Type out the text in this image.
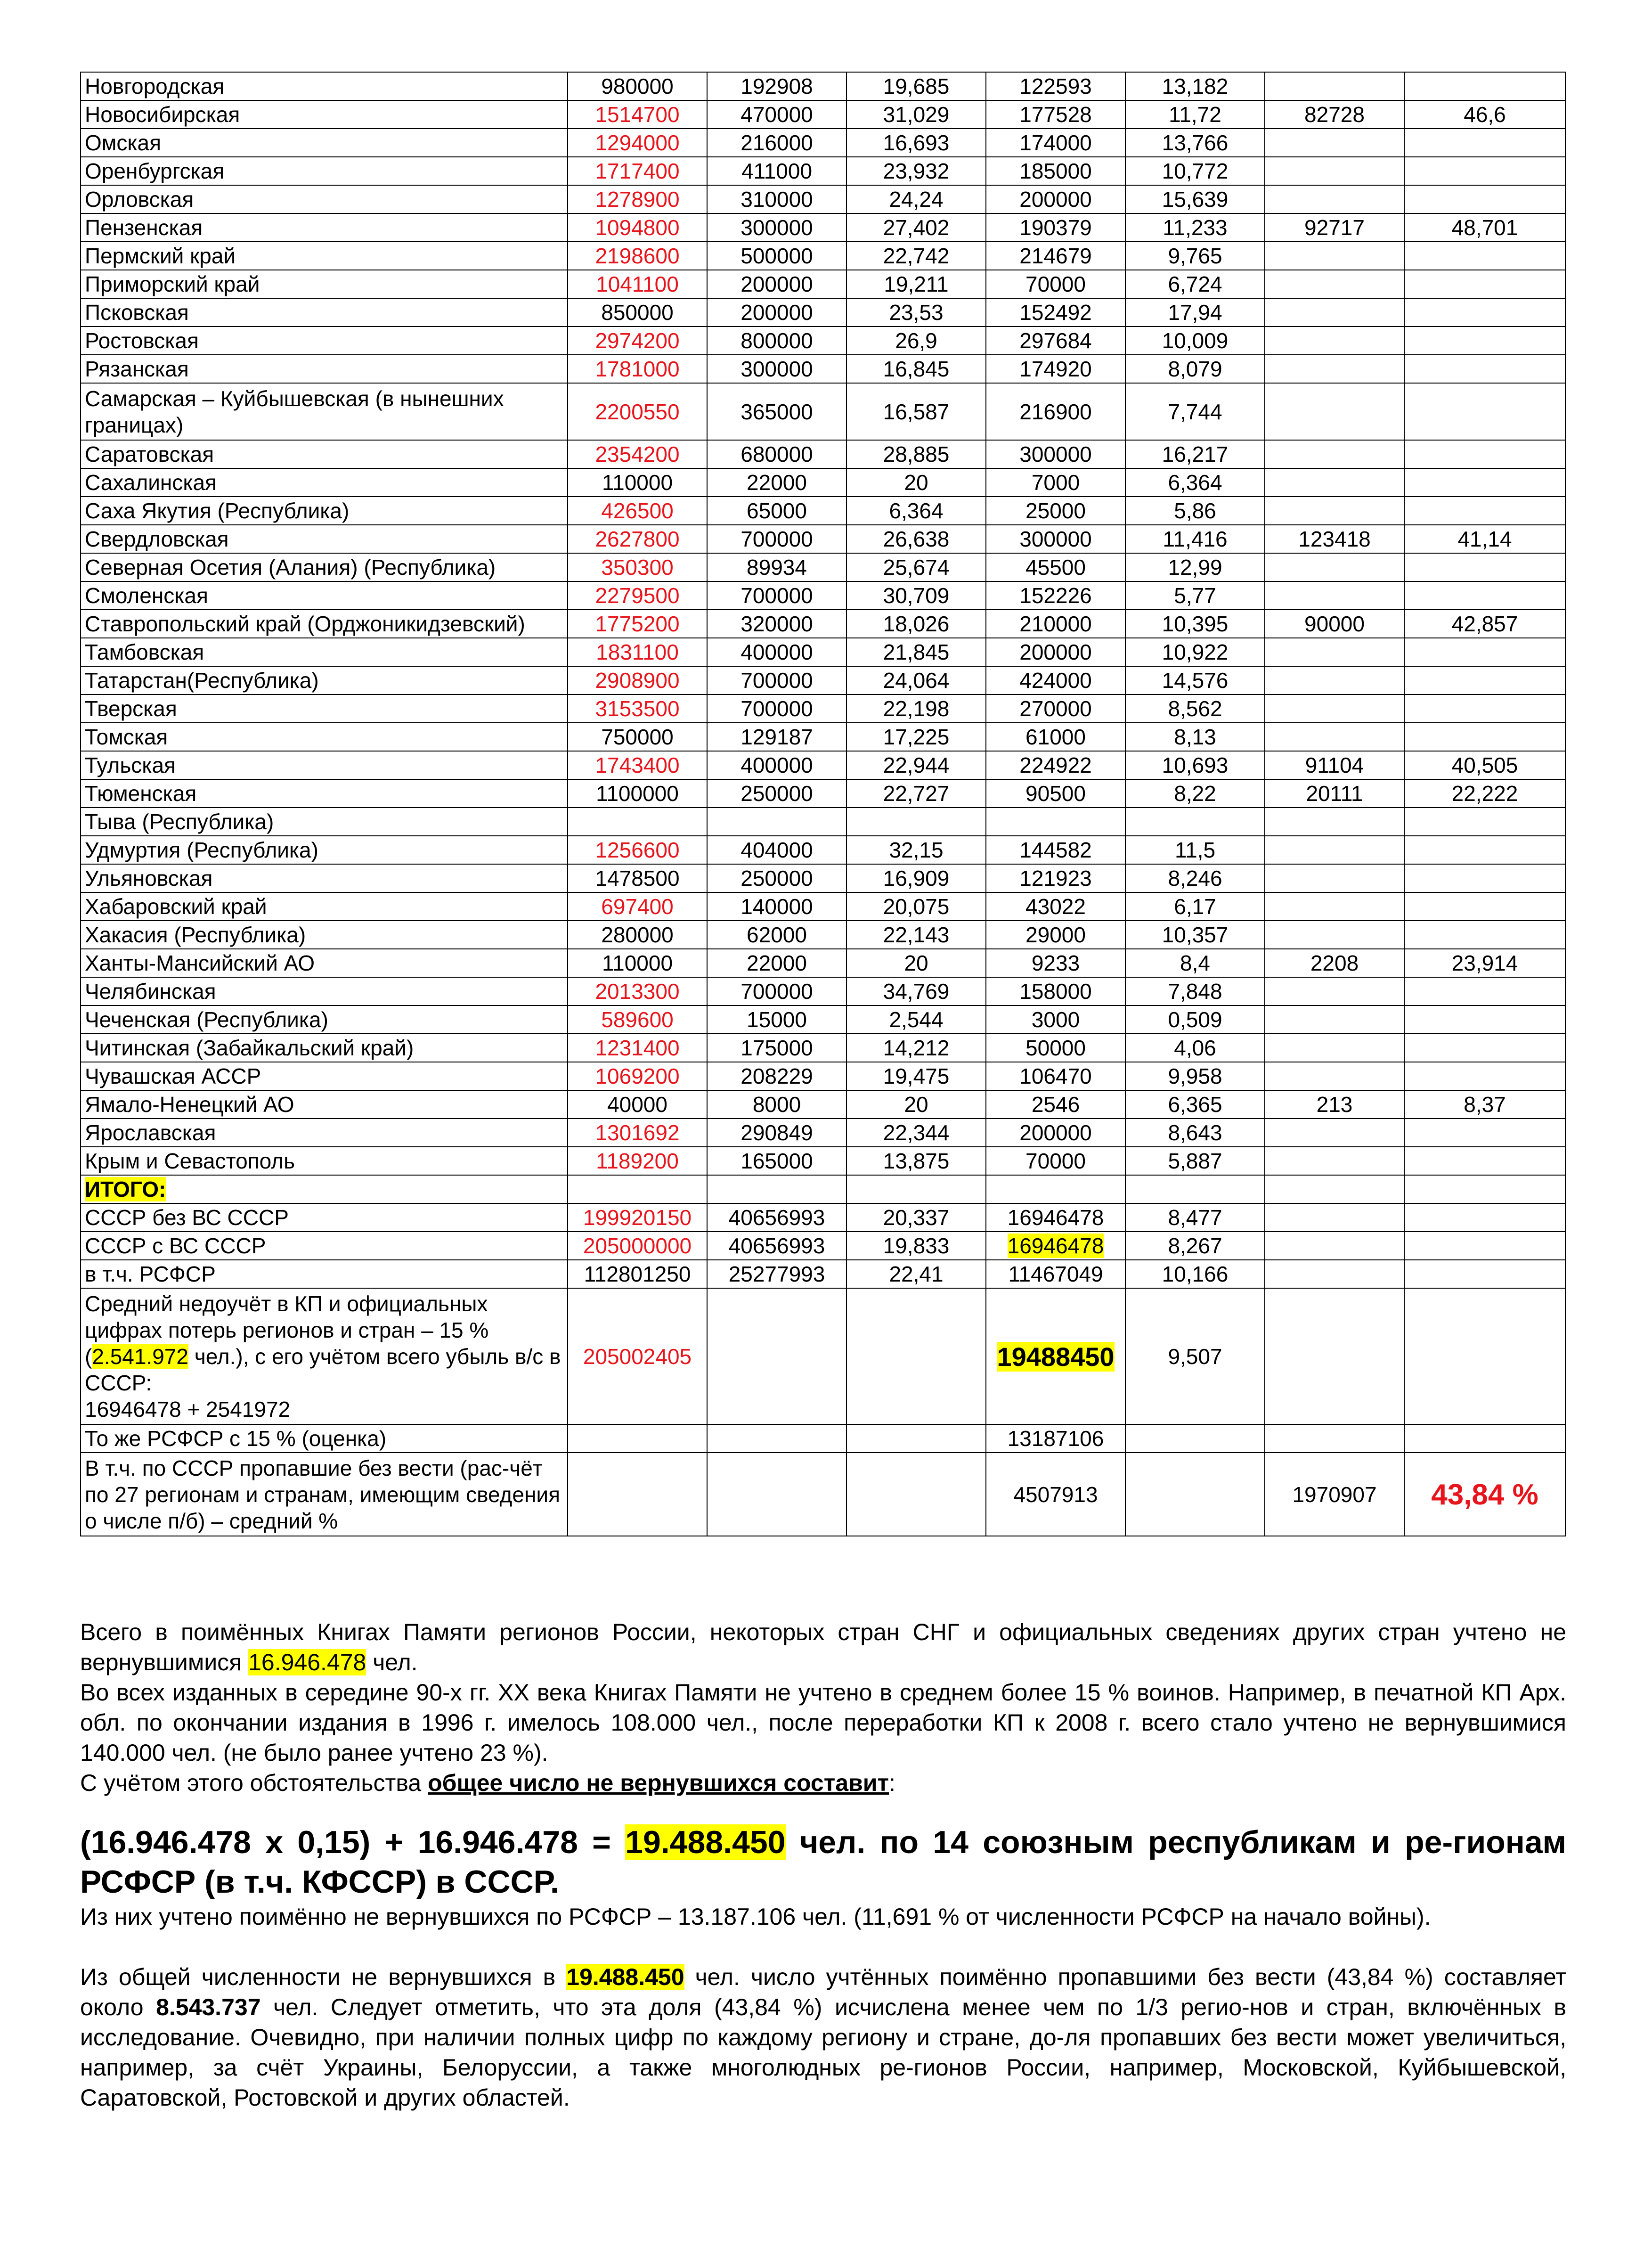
Новгородская	980000	192908	19,685	122593	13,182		
Новосибирская	1514700	470000	31,029	177528	11,72	82728	46,6
Омская	1294000	216000	16,693	174000	13,766		
Оренбургская	1717400	411000	23,932	185000	10,772		
Орловская	1278900	310000	24,24	200000	15,639		
Пензенская	1094800	300000	27,402	190379	11,233	92717	48,701
Пермский край	2198600	500000	22,742	214679	9,765		
Приморский край	1041100	200000	19,211	70000	6,724		
Псковская	850000	200000	23,53	152492	17,94		
Ростовская	2974200	800000	26,9	297684	10,009		
Рязанская	1781000	300000	16,845	174920	8,079		
Самарская – Куйбышевская (в нынешних границах)	2200550	365000	16,587	216900	7,744		
Саратовская	2354200	680000	28,885	300000	16,217		
Сахалинская	110000	22000	20	7000	6,364		
Саха Якутия (Республика)	426500	65000	6,364	25000	5,86		
Свердловская	2627800	700000	26,638	300000	11,416	123418	41,14
Северная Осетия (Алания) (Республика)	350300	89934	25,674	45500	12,99		
Смоленская	2279500	700000	30,709	152226	5,77		
Ставропольский край (Орджоникидзевский)	1775200	320000	18,026	210000	10,395	90000	42,857
Тамбовская	1831100	400000	21,845	200000	10,922		
Татарстан(Республика)	2908900	700000	24,064	424000	14,576		
Тверская	3153500	700000	22,198	270000	8,562		
Томская	750000	129187	17,225	61000	8,13		
Тульская	1743400	400000	22,944	224922	10,693	91104	40,505
Тюменская	1100000	250000	22,727	90500	8,22	20111	22,222
Тыва (Республика)							
Удмуртия (Республика)	1256600	404000	32,15	144582	11,5		
Ульяновская	1478500	250000	16,909	121923	8,246		
Хабаровский край	697400	140000	20,075	43022	6,17		
Хакасия (Республика)	280000	62000	22,143	29000	10,357		
Ханты-Мансийский АО	110000	22000	20	9233	8,4	2208	23,914
Челябинская	2013300	700000	34,769	158000	7,848		
Чеченская (Республика)	589600	15000	2,544	3000	0,509		
Читинская (Забайкальский край)	1231400	175000	14,212	50000	4,06		
Чувашская АССР	1069200	208229	19,475	106470	9,958		
Ямало-Ненецкий АО	40000	8000	20	2546	6,365	213	8,37
Ярославская	1301692	290849	22,344	200000	8,643		
Крым и Севастополь	1189200	165000	13,875	70000	5,887		
ИТОГО:							
СССР без ВС СССР	199920150	40656993	20,337	16946478	8,477		
СССР с ВС СССР	205000000	40656993	19,833	16946478	8,267		
в т.ч. РСФСР	112801250	25277993	22,41	11467049	10,166		
Средний недоучёт в КП и официальных цифрах потерь регионов и стран – 15 % (2.541.972 чел.), с его учётом всего убыль в/с в СССР:
16946478 + 2541972	205002405			19488450	9,507		
То же РСФСР с 15 % (оценка)				13187106			
В т.ч. по СССР пропавшие без вести (рас-чёт по 27 регионам и странам, имеющим сведения о числе п/б) – средний %				4507913		1970907	43,84 %

Всего в поимённых Книгах Памяти регионов России, некоторых стран СНГ и официальных сведениях других стран учтено не вернувшимися 16.946.478 чел.

Во всех изданных в середине 90-х гг. XX века Книгах Памяти не учтено в среднем более 15 % воинов. Например, в печатной КП Арх. обл. по окончании издания в 1996 г. имелось 108.000 чел., после переработки КП к 2008 г. всего стало учтено не вернувшимися 140.000 чел. (не было ранее учтено 23 %).

С учётом этого обстоятельства общее число не вернувшихся составит:

(16.946.478 х 0,15) + 16.946.478 = 19.488.450 чел. по 14 союзным республикам и ре-гионам РСФСР (в т.ч. КФССР) в СССР.

Из них учтено поимённо не вернувшихся по РСФСР – 13.187.106 чел. (11,691 % от численности РСФСР на начало войны).

Из общей численности не вернувшихся в 19.488.450 чел. число учтённых поимённо пропавшими без вести (43,84 %) составляет около 8.543.737 чел. Следует отметить, что эта доля (43,84 %) исчислена менее чем по 1/3 регио-нов и стран, включённых в исследование. Очевидно, при наличии полных цифр по каждому региону и стране, до-ля пропавших без вести может увеличиться, например, за счёт Украины, Белоруссии, а также многолюдных ре-гионов России, например, Московской, Куйбышевской, Саратовской, Ростовской и других областей.
